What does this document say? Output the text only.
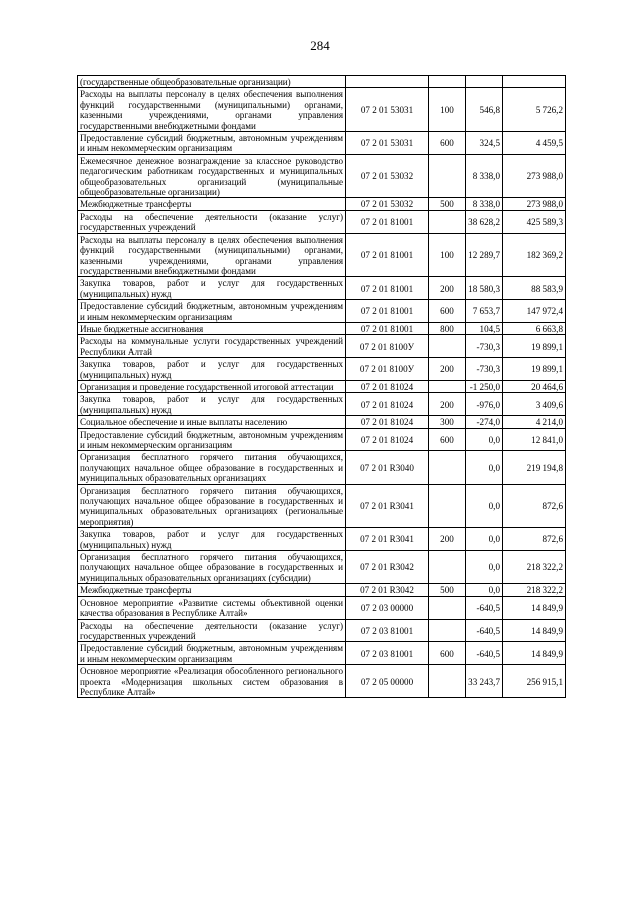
284
(государственные общеобразовательные организации)				
Расходы на выплаты персоналу в целях обеспечения выполнения функций государственными (муниципальными) органами, казенными учреждениями, органами управления государственными внебюджетными фондами	07 2 01 53031	100	546,8	5 726,2
Предоставление субсидий бюджетным, автономным учреждениям и иным некоммерческим организациям	07 2 01 53031	600	324,5	4 459,5
Ежемесячное денежное вознаграждение за классное руководство педагогическим работникам государственных и муниципальных общеобразовательных организаций (муниципальные общеобразовательные организации)	07 2 01 53032		8 338,0	273 988,0
Межбюджетные трансферты	07 2 01 53032	500	8 338,0	273 988,0
Расходы на обеспечение деятельности (оказание услуг) государственных учреждений	07 2 01 81001		38 628,2	425 589,3
Расходы на выплаты персоналу в целях обеспечения выполнения функций государственными (муниципальными) органами, казенными учреждениями, органами управления государственными внебюджетными фондами	07 2 01 81001	100	12 289,7	182 369,2
Закупка товаров, работ и услуг для государственных (муниципальных) нужд	07 2 01 81001	200	18 580,3	88 583,9
Предоставление субсидий бюджетным, автономным учреждениям и иным некоммерческим организациям	07 2 01 81001	600	7 653,7	147 972,4
Иные бюджетные ассигнования	07 2 01 81001	800	104,5	6 663,8
Расходы на коммунальные услуги государственных учреждений Республики Алтай	07 2 01 8100У		-730,3	19 899,1
Закупка товаров, работ и услуг для государственных (муниципальных) нужд	07 2 01 8100У	200	-730,3	19 899,1
Организация и проведение государственной итоговой аттестации	07 2 01 81024		-1 250,0	20 464,6
Закупка товаров, работ и услуг для государственных (муниципальных) нужд	07 2 01 81024	200	-976,0	3 409,6
Социальное обеспечение и иные выплаты населению	07 2 01 81024	300	-274,0	4 214,0
Предоставление субсидий бюджетным, автономным учреждениям и иным некоммерческим организациям	07 2 01 81024	600	0,0	12 841,0
Организация бесплатного горячего питания обучающихся, получающих начальное общее образование в государственных и муниципальных образовательных организациях	07 2 01 R3040		0,0	219 194,8
Организация бесплатного горячего питания обучающихся, получающих начальное общее образование в государственных и муниципальных образовательных организациях (региональные мероприятия)	07 2 01 R3041		0,0	872,6
Закупка товаров, работ и услуг для государственных (муниципальных) нужд	07 2 01 R3041	200	0,0	872,6
Организация бесплатного горячего питания обучающихся, получающих начальное общее образование в государственных и муниципальных образовательных организациях (субсидии)	07 2 01 R3042		0,0	218 322,2
Межбюджетные трансферты	07 2 01 R3042	500	0,0	218 322,2
Основное мероприятие «Развитие системы объективной оценки качества образования в Республике Алтай»	07 2 03 00000		-640,5	14 849,9
Расходы на обеспечение деятельности (оказание услуг) государственных учреждений	07 2 03 81001		-640,5	14 849,9
Предоставление субсидий бюджетным, автономным учреждениям и иным некоммерческим организациям	07 2 03 81001	600	-640,5	14 849,9
Основное мероприятие «Реализация обособленного регионального проекта «Модернизация школьных систем образования в Республике Алтай»	07 2 05 00000		33 243,7	256 915,1
